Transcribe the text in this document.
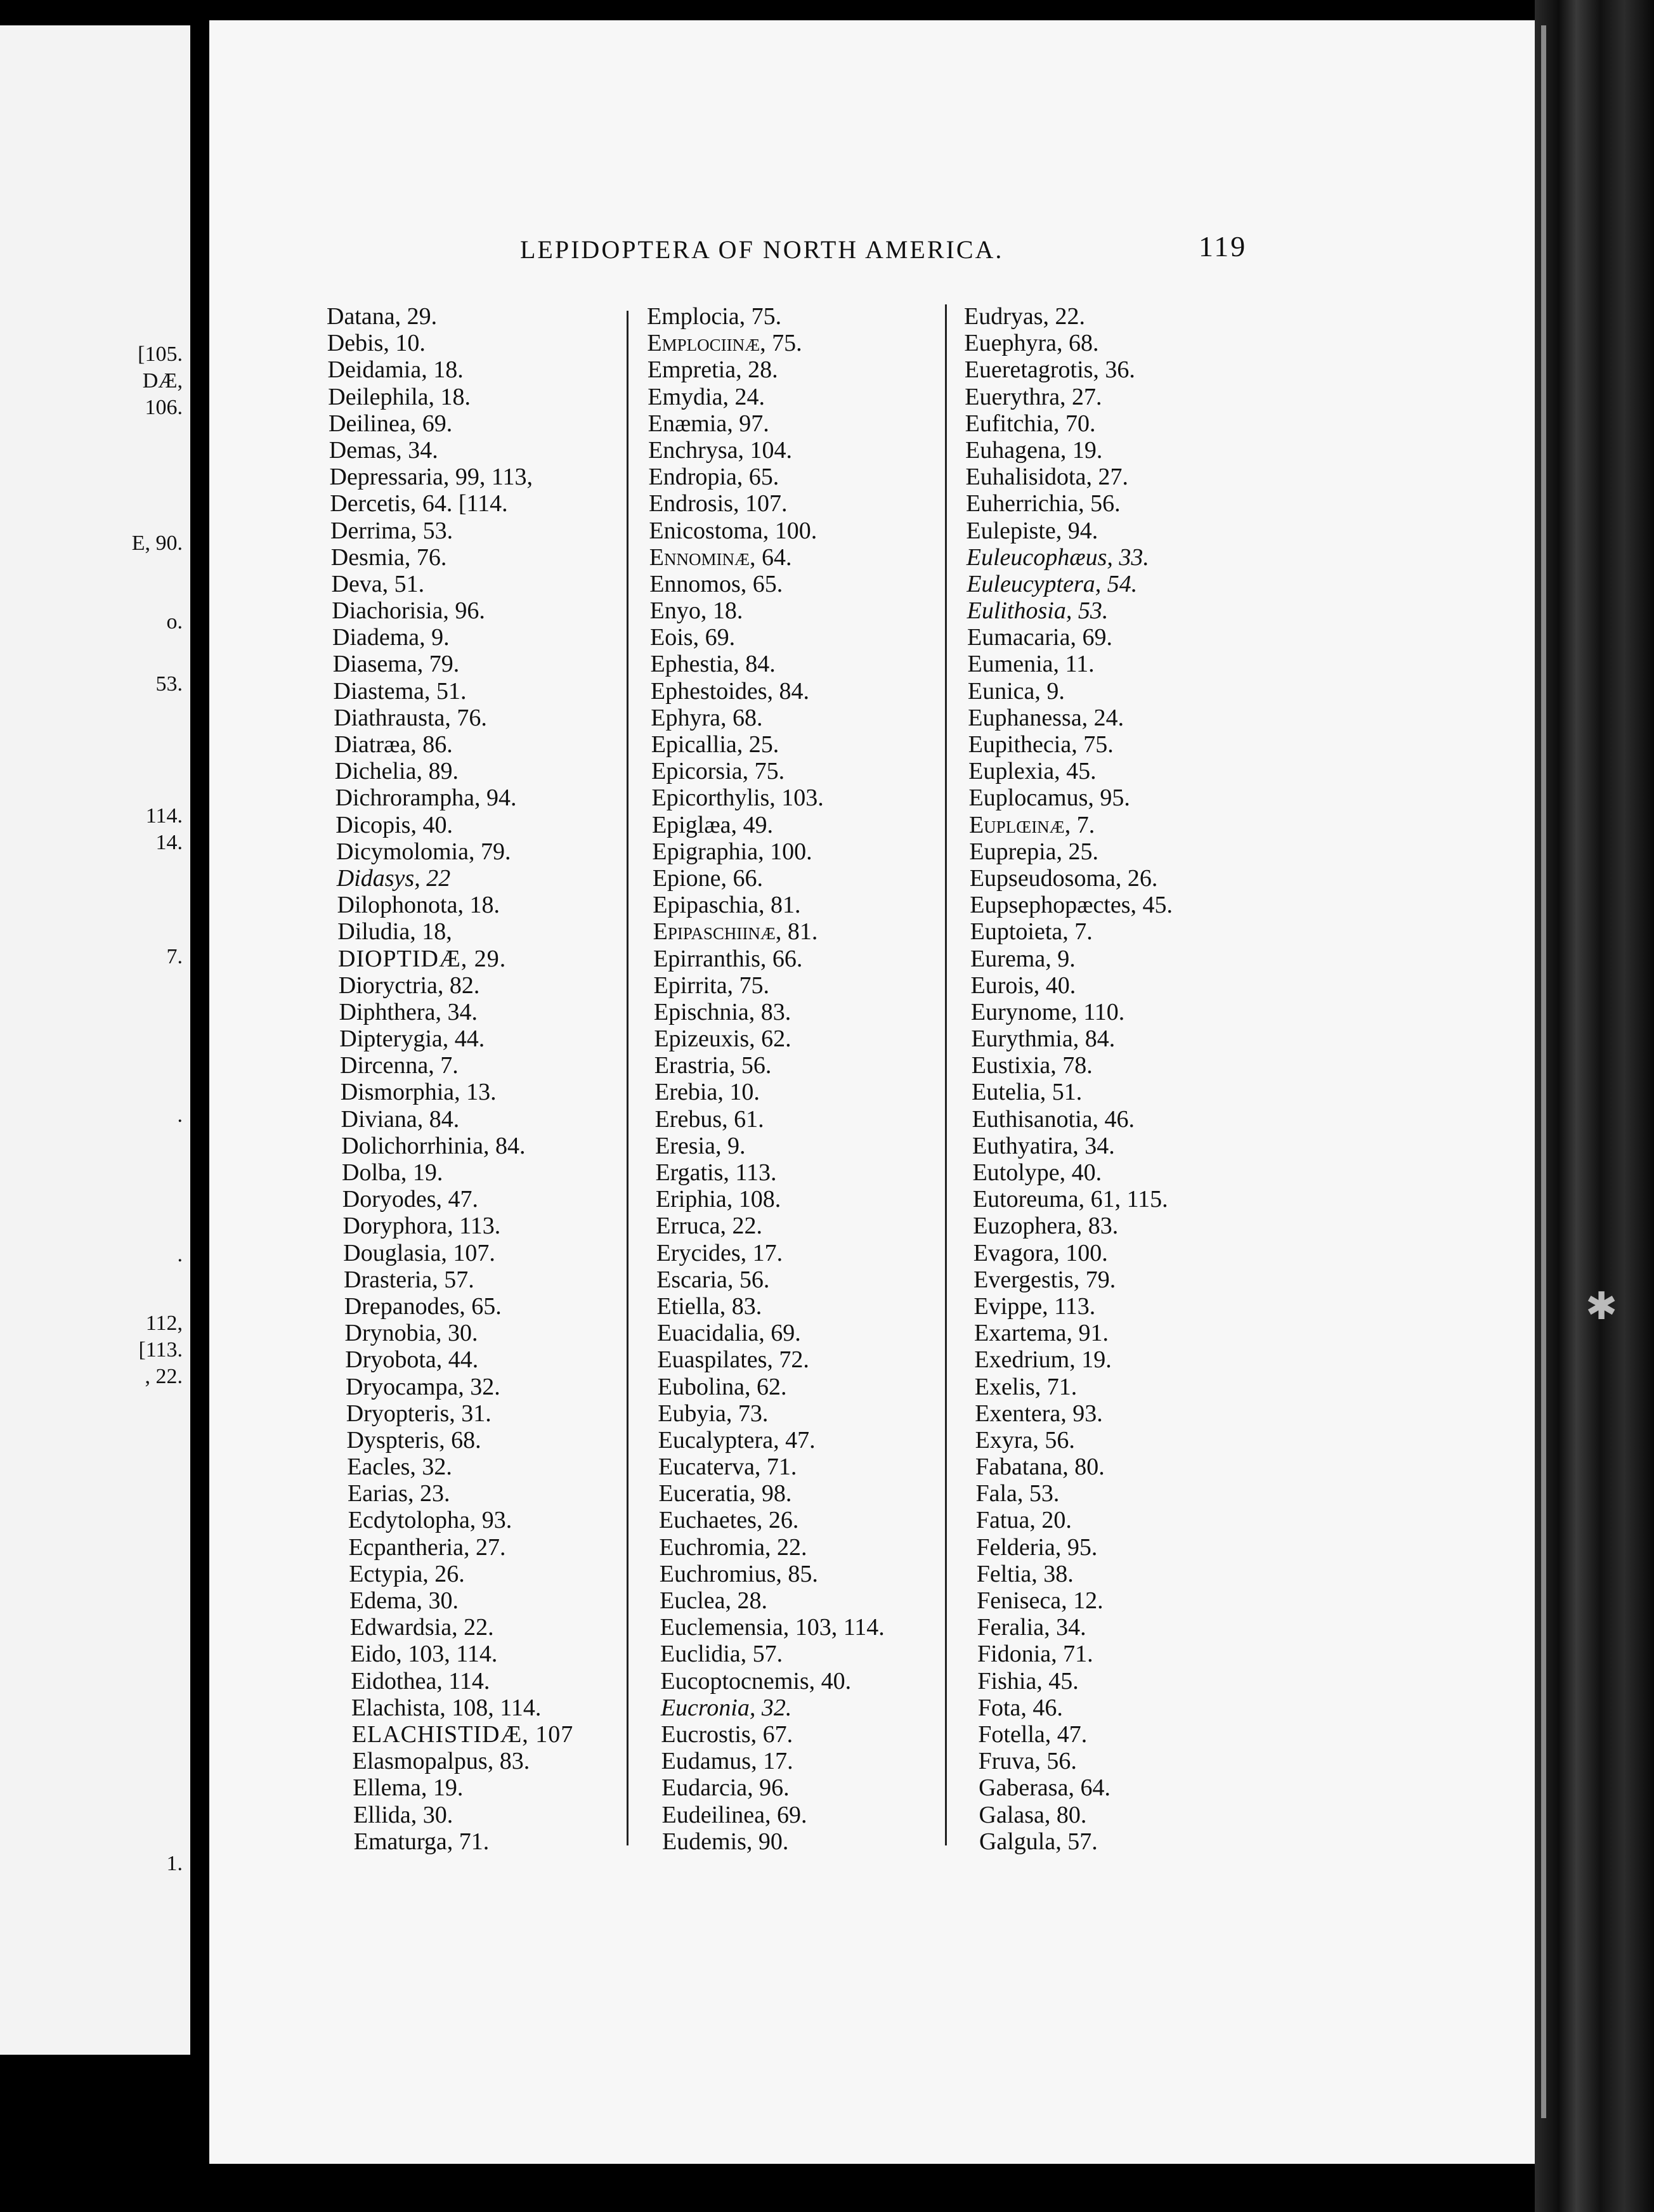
[105.
DÆ,
106.
E, 90.
o.
53.
114.
14.
7.
.
.
112,
[113.
, 22.
1.
✱
LEPIDOPTERA OF NORTH AMERICA.	119
Datana, 29.
Debis, 10.
Deidamia, 18.
Deilephila, 18.
Deilinea, 69.
Demas, 34.
Depressaria, 99, 113,
Dercetis, 64. [114.
Derrima, 53.
Desmia, 76.
Deva, 51.
Diachorisia, 96.
Diadema, 9.
Diasema, 79.
Diastema, 51.
Diathrausta, 76.
Diatræa, 86.
Dichelia, 89.
Dichrorampha, 94.
Dicopis, 40.
Dicymolomia, 79.
Didasys, 22
Dilophonota, 18.
Diludia, 18,
DIOPTIDÆ, 29.
Dioryctria, 82.
Diphthera, 34.
Dipterygia, 44.
Dircenna, 7.
Dismorphia, 13.
Diviana, 84.
Dolichorrhinia, 84.
Dolba, 19.
Doryodes, 47.
Doryphora, 113.
Douglasia, 107.
Drasteria, 57.
Drepanodes, 65.
Drynobia, 30.
Dryobota, 44.
Dryocampa, 32.
Dryopteris, 31.
Dyspteris, 68.
Eacles, 32.
Earias, 23.
Ecdytolopha, 93.
Ecpantheria, 27.
Ectypia, 26.
Edema, 30.
Edwardsia, 22.
Eido, 103, 114.
Eidothea, 114.
Elachista, 108, 114.
ELACHISTIDÆ, 107
Elasmopalpus, 83.
Ellema, 19.
Ellida, 30.
Ematurga, 71.
Emplocia, 75.
Emplociinæ, 75.
Empretia, 28.
Emydia, 24.
Enæmia, 97.
Enchrysa, 104.
Endropia, 65.
Endrosis, 107.
Enicostoma, 100.
Ennominæ, 64.
Ennomos, 65.
Enyo, 18.
Eois, 69.
Ephestia, 84.
Ephestoides, 84.
Ephyra, 68.
Epicallia, 25.
Epicorsia, 75.
Epicorthylis, 103.
Epiglæa, 49.
Epigraphia, 100.
Epione, 66.
Epipaschia, 81.
Epipaschiinæ, 81.
Epirranthis, 66.
Epirrita, 75.
Epischnia, 83.
Epizeuxis, 62.
Erastria, 56.
Erebia, 10.
Erebus, 61.
Eresia, 9.
Ergatis, 113.
Eriphia, 108.
Erruca, 22.
Erycides, 17.
Escaria, 56.
Etiella, 83.
Euacidalia, 69.
Euaspilates, 72.
Eubolina, 62.
Eubyia, 73.
Eucalyptera, 47.
Eucaterva, 71.
Euceratia, 98.
Euchaetes, 26.
Euchromia, 22.
Euchromius, 85.
Euclea, 28.
Euclemensia, 103, 114.
Euclidia, 57.
Eucoptocnemis, 40.
Eucronia, 32.
Eucrostis, 67.
Eudamus, 17.
Eudarcia, 96.
Eudeilinea, 69.
Eudemis, 90.
Eudryas, 22.
Euephyra, 68.
Eueretagrotis, 36.
Euerythra, 27.
Eufitchia, 70.
Euhagena, 19.
Euhalisidota, 27.
Euherrichia, 56.
Eulepiste, 94.
Euleucophæus, 33.
Euleucyptera, 54.
Eulithosia, 53.
Eumacaria, 69.
Eumenia, 11.
Eunica, 9.
Euphanessa, 24.
Eupithecia, 75.
Euplexia, 45.
Euplocamus, 95.
Euplœinæ, 7.
Euprepia, 25.
Eupseudosoma, 26.
Eupsephopæctes, 45.
Euptoieta, 7.
Eurema, 9.
Eurois, 40.
Eurynome, 110.
Eurythmia, 84.
Eustixia, 78.
Eutelia, 51.
Euthisanotia, 46.
Euthyatira, 34.
Eutolype, 40.
Eutoreuma, 61, 115.
Euzophera, 83.
Evagora, 100.
Evergestis, 79.
Evippe, 113.
Exartema, 91.
Exedrium, 19.
Exelis, 71.
Exentera, 93.
Exyra, 56.
Fabatana, 80.
Fala, 53.
Fatua, 20.
Felderia, 95.
Feltia, 38.
Feniseca, 12.
Feralia, 34.
Fidonia, 71.
Fishia, 45.
Fota, 46.
Fotella, 47.
Fruva, 56.
Gaberasa, 64.
Galasa, 80.
Galgula, 57.
